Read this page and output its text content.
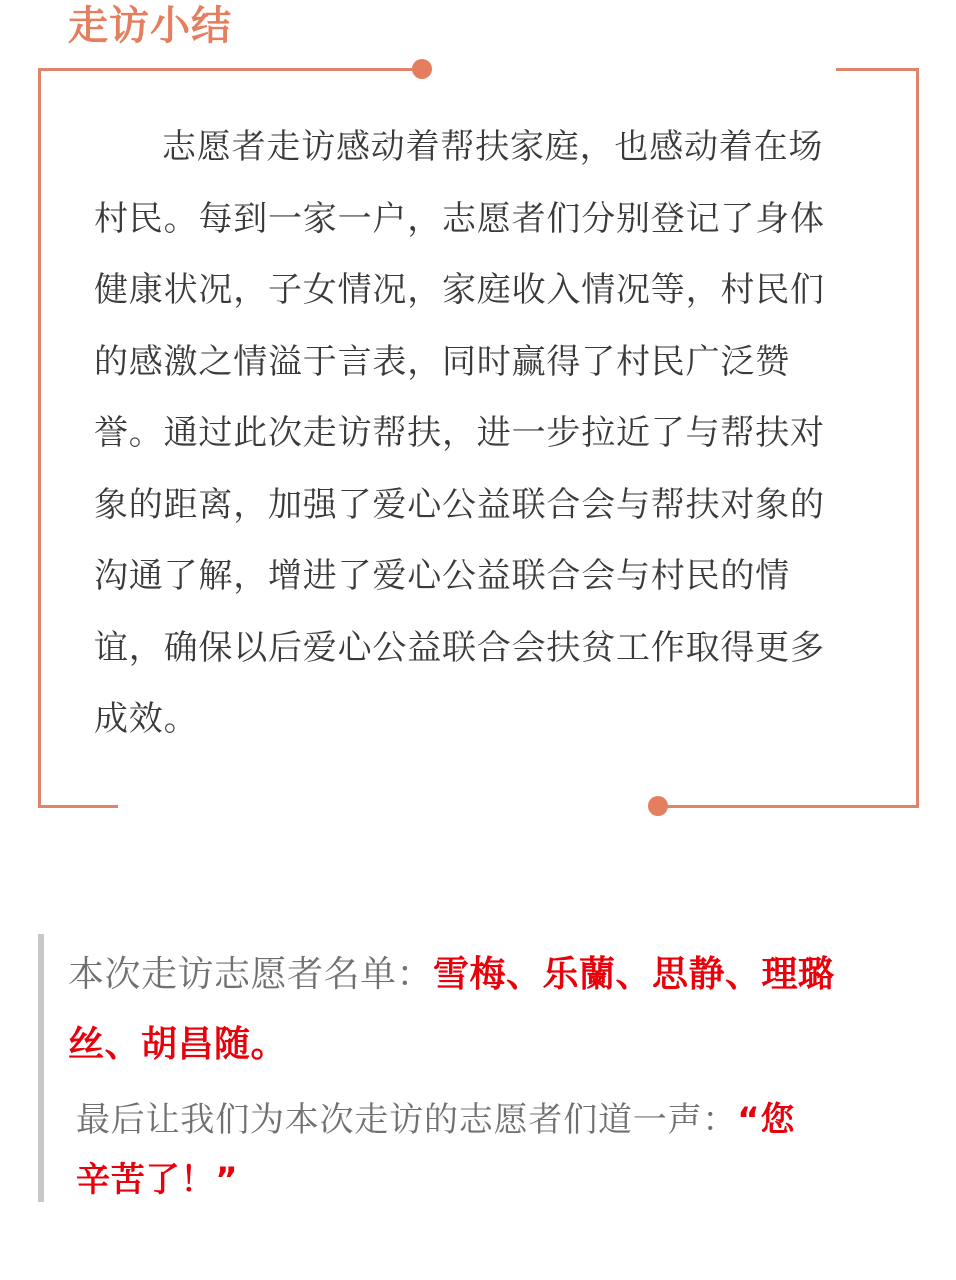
走访小结

志愿者走访感动着帮扶家庭，也感动着在场村民。每到一家一户，志愿者们分别登记了身体健康状况，子女情况，家庭收入情况等，村民们的感激之情溢于言表，同时赢得了村民广泛赞誉。通过此次走访帮扶，进一步拉近了与帮扶对象的距离，加强了爱心公益联合会与帮扶对象的沟通了解，增进了爱心公益联合会与村民的情谊，确保以后爱心公益联合会扶贫工作取得更多成效。

本次走访志愿者名单：雪梅、乐蘭、思静、理璐丝、胡昌随。

最后让我们为本次走访的志愿者们道一声：“您辛苦了！”
